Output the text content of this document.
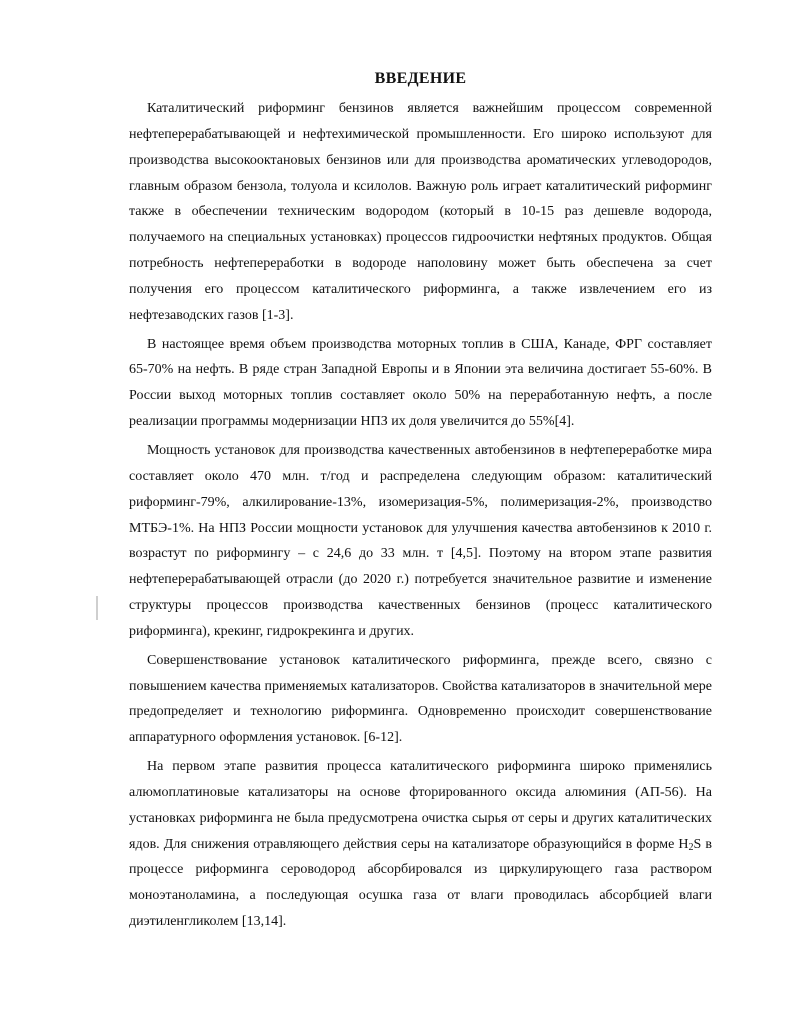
ВВЕДЕНИЕ

Каталитический риформинг бензинов является важнейшим процессом современной нефтеперерабатывающей и нефтехимической промышленности. Его широко используют для производства высокооктановых бензинов или для производства ароматических углеводородов, главным образом бензола, толуола и ксилолов. Важную роль играет каталитический риформинг также в обеспечении техническим водородом (который в 10-15 раз дешевле водорода, получаемого на специальных установках) процессов гидроочистки нефтяных продуктов. Общая потребность нефтепереработки в водороде наполовину может быть обеспечена за счет получения его процессом каталитического риформинга, а также извлечением его из нефтезаводских газов [1-3].

В настоящее время объем производства моторных топлив в США, Канаде, ФРГ составляет 65-70% на нефть. В ряде стран Западной Европы и в Японии эта величина достигает 55-60%. В России выход моторных топлив составляет около 50% на переработанную нефть, а после реализации программы модернизации НПЗ их доля увеличится до 55%[4].

Мощность установок для производства качественных автобензинов в нефтепереработке мира составляет около 470 млн. т/год и распределена следующим образом: каталитический риформинг-79%, алкилирование-13%, изомеризация-5%, полимеризация-2%, производство МТБЭ-1%. На НПЗ России мощности установок для улучшения качества автобензинов к 2010 г. возрастут по риформингу – с 24,6 до 33 млн. т [4,5]. Поэтому на втором этапе развития нефтеперерабатывающей отрасли (до 2020 г.) потребуется значительное развитие и изменение структуры процессов производства качественных бензинов (процесс каталитического риформинга), крекинг, гидрокрекинга и других.

Совершенствование установок каталитического риформинга, прежде всего, связно с повышением качества применяемых катализаторов. Свойства катализаторов в значительной мере предопределяет и технологию риформинга. Одновременно происходит совершенствование аппаратурного оформления установок. [6-12].

На первом этапе развития процесса каталитического риформинга широко применялись алюмоплатиновые катализаторы на основе фторированного оксида алюминия (АП-56). На установках риформинга не была предусмотрена очистка сырья от серы и других каталитических ядов. Для снижения отравляющего действия серы на катализаторе образующийся в форме $H_2S$ в процессе риформинга сероводород абсорбировался из циркулирующего газа раствором моноэтаноламина, а последующая осушка газа от влаги проводилась абсорбцией влаги диэтиленгликолем [13,14].
